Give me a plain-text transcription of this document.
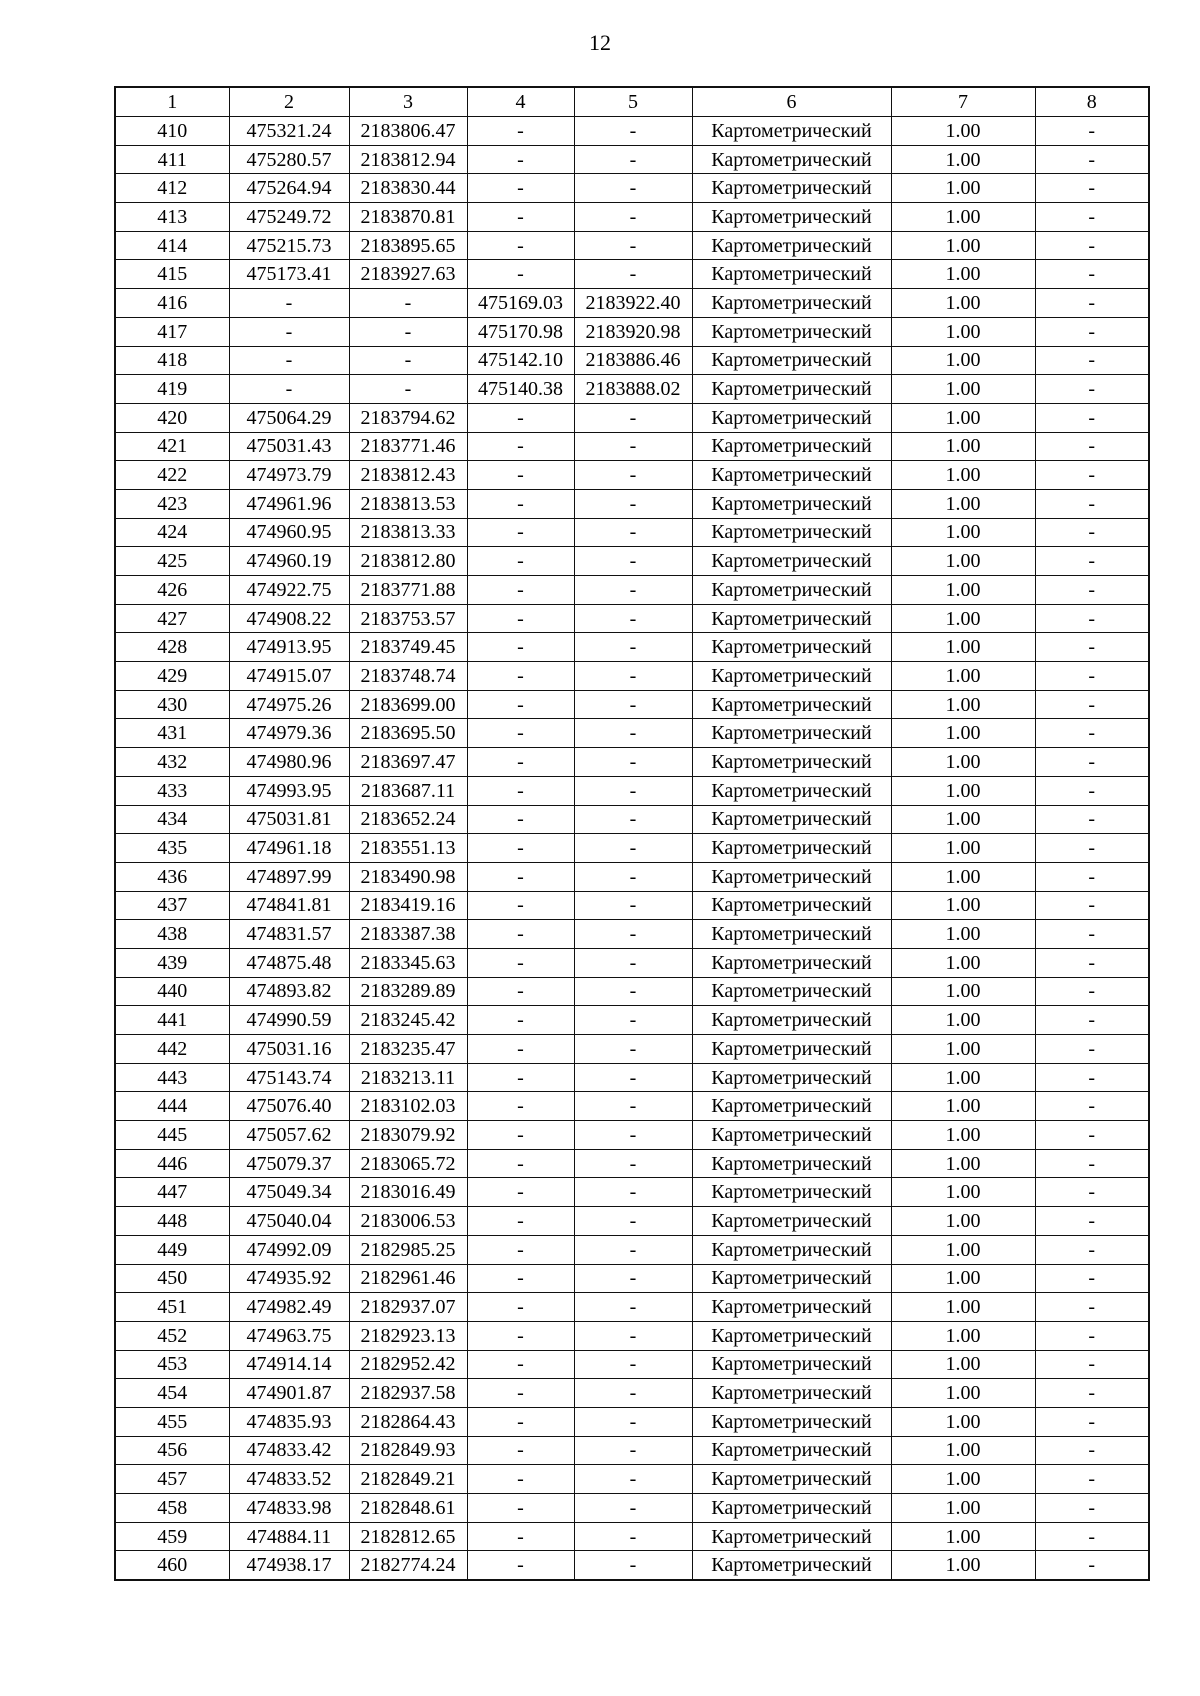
12
1	2	3	4	5	6	7	8
410	475321.24	2183806.47	-	-	Картометрический	1.00	-
411	475280.57	2183812.94	-	-	Картометрический	1.00	-
412	475264.94	2183830.44	-	-	Картометрический	1.00	-
413	475249.72	2183870.81	-	-	Картометрический	1.00	-
414	475215.73	2183895.65	-	-	Картометрический	1.00	-
415	475173.41	2183927.63	-	-	Картометрический	1.00	-
416	-	-	475169.03	2183922.40	Картометрический	1.00	-
417	-	-	475170.98	2183920.98	Картометрический	1.00	-
418	-	-	475142.10	2183886.46	Картометрический	1.00	-
419	-	-	475140.38	2183888.02	Картометрический	1.00	-
420	475064.29	2183794.62	-	-	Картометрический	1.00	-
421	475031.43	2183771.46	-	-	Картометрический	1.00	-
422	474973.79	2183812.43	-	-	Картометрический	1.00	-
423	474961.96	2183813.53	-	-	Картометрический	1.00	-
424	474960.95	2183813.33	-	-	Картометрический	1.00	-
425	474960.19	2183812.80	-	-	Картометрический	1.00	-
426	474922.75	2183771.88	-	-	Картометрический	1.00	-
427	474908.22	2183753.57	-	-	Картометрический	1.00	-
428	474913.95	2183749.45	-	-	Картометрический	1.00	-
429	474915.07	2183748.74	-	-	Картометрический	1.00	-
430	474975.26	2183699.00	-	-	Картометрический	1.00	-
431	474979.36	2183695.50	-	-	Картометрический	1.00	-
432	474980.96	2183697.47	-	-	Картометрический	1.00	-
433	474993.95	2183687.11	-	-	Картометрический	1.00	-
434	475031.81	2183652.24	-	-	Картометрический	1.00	-
435	474961.18	2183551.13	-	-	Картометрический	1.00	-
436	474897.99	2183490.98	-	-	Картометрический	1.00	-
437	474841.81	2183419.16	-	-	Картометрический	1.00	-
438	474831.57	2183387.38	-	-	Картометрический	1.00	-
439	474875.48	2183345.63	-	-	Картометрический	1.00	-
440	474893.82	2183289.89	-	-	Картометрический	1.00	-
441	474990.59	2183245.42	-	-	Картометрический	1.00	-
442	475031.16	2183235.47	-	-	Картометрический	1.00	-
443	475143.74	2183213.11	-	-	Картометрический	1.00	-
444	475076.40	2183102.03	-	-	Картометрический	1.00	-
445	475057.62	2183079.92	-	-	Картометрический	1.00	-
446	475079.37	2183065.72	-	-	Картометрический	1.00	-
447	475049.34	2183016.49	-	-	Картометрический	1.00	-
448	475040.04	2183006.53	-	-	Картометрический	1.00	-
449	474992.09	2182985.25	-	-	Картометрический	1.00	-
450	474935.92	2182961.46	-	-	Картометрический	1.00	-
451	474982.49	2182937.07	-	-	Картометрический	1.00	-
452	474963.75	2182923.13	-	-	Картометрический	1.00	-
453	474914.14	2182952.42	-	-	Картометрический	1.00	-
454	474901.87	2182937.58	-	-	Картометрический	1.00	-
455	474835.93	2182864.43	-	-	Картометрический	1.00	-
456	474833.42	2182849.93	-	-	Картометрический	1.00	-
457	474833.52	2182849.21	-	-	Картометрический	1.00	-
458	474833.98	2182848.61	-	-	Картометрический	1.00	-
459	474884.11	2182812.65	-	-	Картометрический	1.00	-
460	474938.17	2182774.24	-	-	Картометрический	1.00	-
